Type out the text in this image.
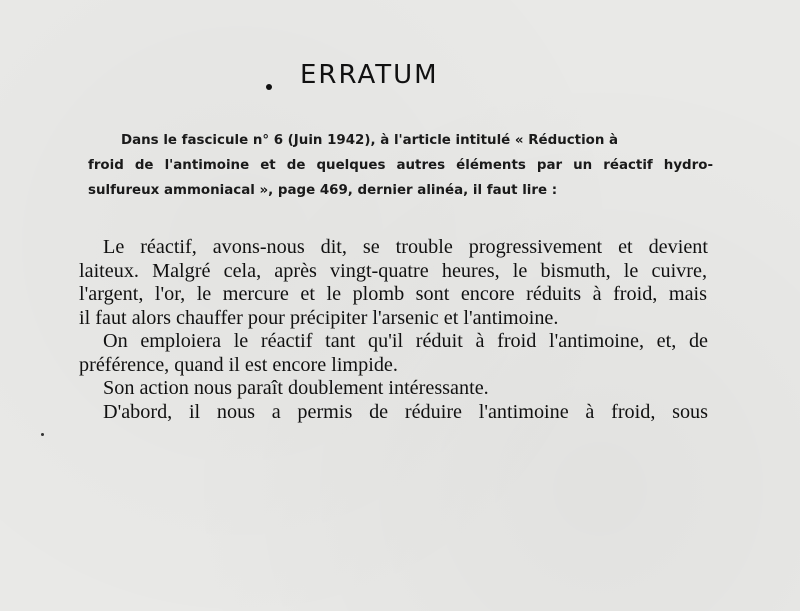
ERRATUM

Dans le fascicule n° 6 (Juin 1942), à l'article intitulé « Réduction à
froid de l'antimoine et de quelques autres éléments par un réactif hydro-sulfureux ammoniacal », page 469, dernier alinéa, il faut lire :

Le réactif, avons-nous dit, se trouble progressivement et devient

laiteux. Malgré cela, après vingt-quatre heures, le bismuth, le cuivre,

l'argent, l'or, le mercure et le plomb sont encore réduits à froid, mais

il faut alors chauffer pour précipiter l'arsenic et l'antimoine.

On emploiera le réactif tant qu'il réduit à froid l'antimoine, et, de

préférence, quand il est encore limpide.

Son action nous paraît doublement intéressante.

D'abord, il nous a permis de réduire l'antimoine à froid, sous
